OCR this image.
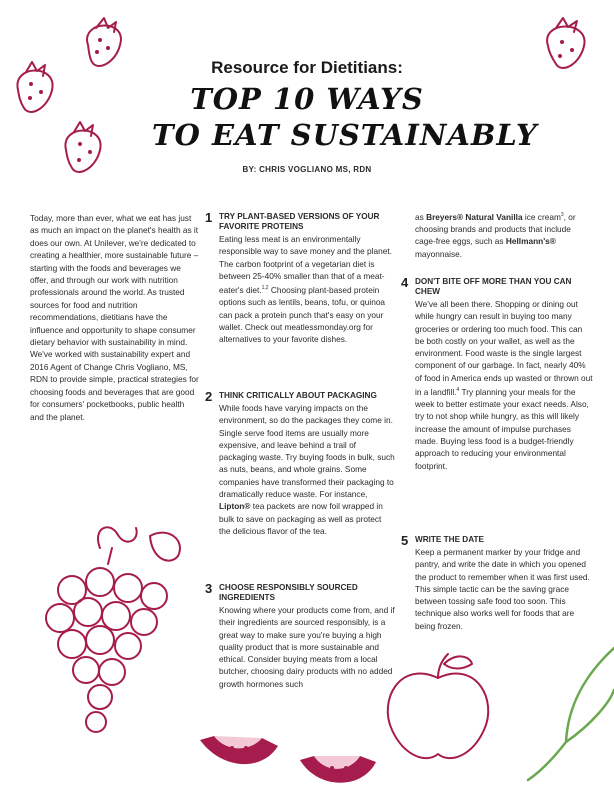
Resource for Dietitians:
TOP 10 WAYS
TO EAT SUSTAINABLY
BY: CHRIS VOGLIANO MS, RDN
Today, more than ever, what we eat has just as much an impact on the planet's health as it does our own. At Unilever, we're dedicated to creating a healthier, more sustainable future – starting with the foods and beverages we offer, and through our work with nutrition professionals around the world. As trusted sources for food and nutrition recommendations, dietitians have the influence and opportunity to shape consumer dietary behavior with sustainability in mind. We've worked with sustainability expert and 2016 Agent of Change Chris Vogliano, MS, RDN to provide simple, practical strategies for choosing foods and beverages that are good for consumers' pocketbooks, public health and the planet.
1 TRY PLANT-BASED VERSIONS OF YOUR FAVORITE PROTEINS
Eating less meat is an environmentally responsible way to save money and the planet. The carbon footprint of a vegetarian diet is between 25-40% smaller than that of a meat-eater's diet.$^{1,2}$ Choosing plant-based protein options such as lentils, beans, tofu, or quinoa can pack a protein punch that's easy on your wallet. Check out meatlessmonday.org for alternatives to your favorite dishes.
2 THINK CRITICALLY ABOUT PACKAGING
While foods have varying impacts on the environment, so do the packages they come in. Single serve food items are usually more expensive, and leave behind a trail of packaging waste. Try buying foods in bulk, such as nuts, beans, and whole grains. Some companies have transformed their packaging to dramatically reduce waste. For instance, Lipton® tea packets are now foil wrapped in bulk to save on packaging as well as protect the delicious flavor of the tea.
3 CHOOSE RESPONSIBLY SOURCED INGREDIENTS
Knowing where your products come from, and if their ingredients are sourced responsibly, is a great way to make sure you're buying a high quality product that is more sustainable and ethical. Consider buying meats from a local butcher, choosing dairy products with no added growth hormones such
as Breyers® Natural Vanilla ice cream$^3$, or choosing brands and products that include cage-free eggs, such as Hellmann's® mayonnaise.
4 DON'T BITE OFF MORE THAN YOU CAN CHEW
We've all been there. Shopping or dining out while hungry can result in buying too many groceries or ordering too much food. This can be both costly on your wallet, as well as the environment. Food waste is the single largest component of our garbage. In fact, nearly 40% of food in America ends up wasted or thrown out in a landfill.$^4$ Try planning your meals for the week to better estimate your exact needs. Also, try to not shop while hungry, as this will likely increase the amount of impulse purchases made. Buying less food is a budget-friendly approach to reducing your environmental footprint.
5 WRITE THE DATE
Keep a permanent marker by your fridge and pantry, and write the date in which you opened the product to remember when it was first used. This simple tactic can be the saving grace between tossing safe food too soon. This technique also works well for foods that are being frozen.
